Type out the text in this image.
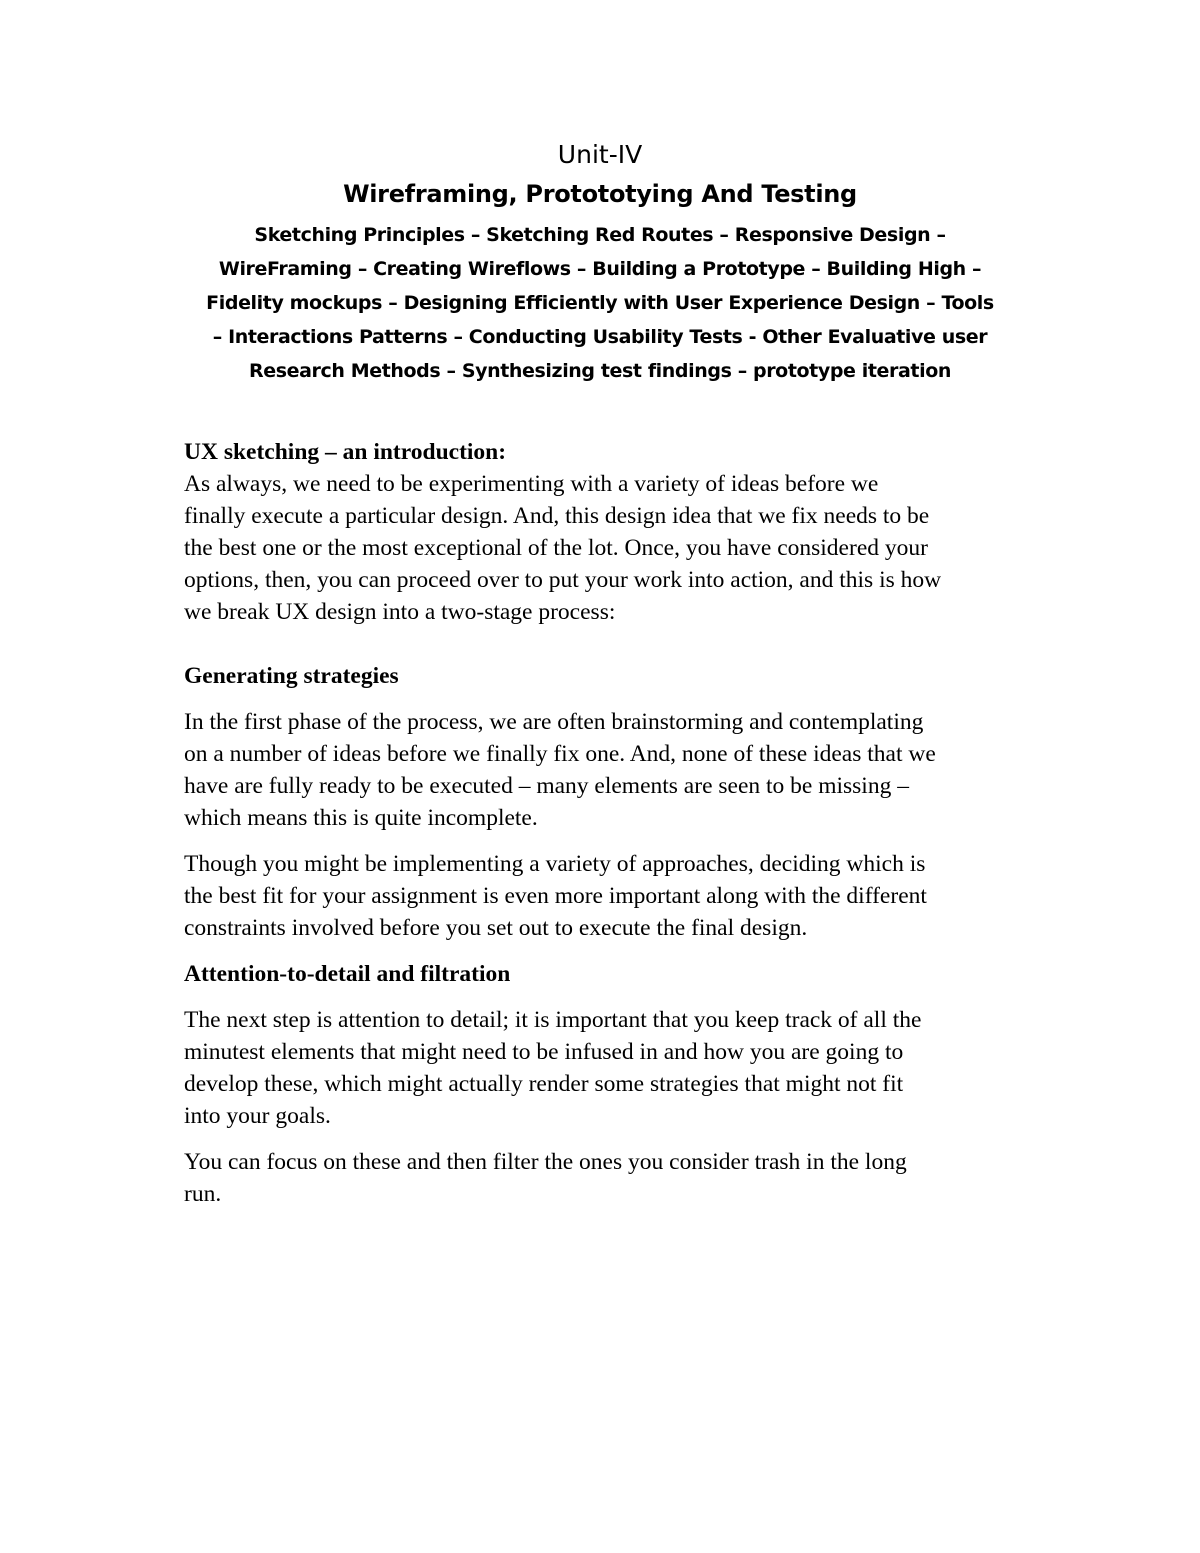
Unit-IV
Wireframing, Protototying And Testing
Sketching Principles – Sketching Red Routes – Responsive Design –
WireFraming – Creating Wireflows – Building a Prototype – Building High –
Fidelity mockups – Designing Efficiently with User Experience Design – Tools
– Interactions Patterns – Conducting Usability Tests - Other Evaluative user
Research Methods – Synthesizing test findings – prototype iteration
UX sketching – an introduction:
As always, we need to be experimenting with a variety of ideas before we
finally execute a particular design. And, this design idea that we fix needs to be
the best one or the most exceptional of the lot. Once, you have considered your
options, then, you can proceed over to put your work into action, and this is how
we break UX design into a two-stage process:
Generating strategies
In the first phase of the process, we are often brainstorming and contemplating
on a number of ideas before we finally fix one. And, none of these ideas that we
have are fully ready to be executed – many elements are seen to be missing –
which means this is quite incomplete.
Though you might be implementing a variety of approaches, deciding which is
the best fit for your assignment is even more important along with the different
constraints involved before you set out to execute the final design.
Attention-to-detail and filtration
The next step is attention to detail; it is important that you keep track of all the
minutest elements that might need to be infused in and how you are going to
develop these, which might actually render some strategies that might not fit
into your goals.
You can focus on these and then filter the ones you consider trash in the long
run.
